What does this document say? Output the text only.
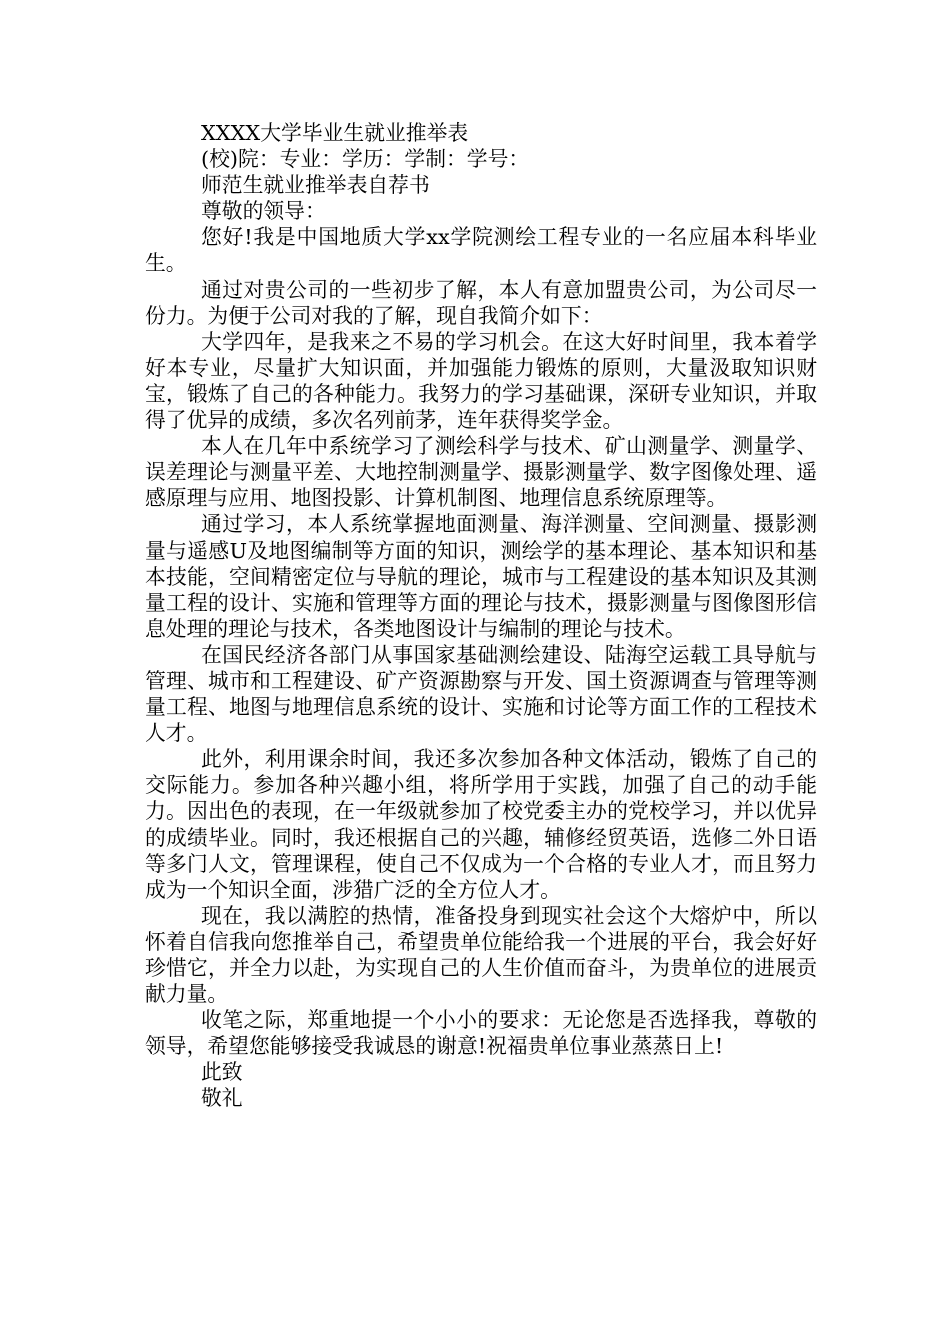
XXXX大学毕业生就业推举表

(校)院：专业：学历：学制：学号：

师范生就业推举表自荐书

尊敬的领导：

您好!我是中国地质大学xx学院测绘工程专业的一名应届本科毕业生。

通过对贵公司的一些初步了解，本人有意加盟贵公司，为公司尽一份力。为便于公司对我的了解，现自我简介如下：

大学四年，是我来之不易的学习机会。在这大好时间里，我本着学好本专业，尽量扩大知识面，并加强能力锻炼的原则，大量汲取知识财宝，锻炼了自己的各种能力。我努力的学习基础课，深研专业知识，并取得了优异的成绩，多次名列前茅，连年获得奖学金。

本人在几年中系统学习了测绘科学与技术、矿山测量学、测量学、误差理论与测量平差、大地控制测量学、摄影测量学、数字图像处理、遥感原理与应用、地图投影、计算机制图、地理信息系统原理等。

通过学习，本人系统掌握地面测量、海洋测量、空间测量、摄影测量与遥感U及地图编制等方面的知识，测绘学的基本理论、基本知识和基本技能，空间精密定位与导航的理论，城市与工程建设的基本知识及其测量工程的设计、实施和管理等方面的理论与技术，摄影测量与图像图形信息处理的理论与技术，各类地图设计与编制的理论与技术。

在国民经济各部门从事国家基础测绘建设、陆海空运载工具导航与管理、城市和工程建设、矿产资源勘察与开发、国土资源调查与管理等测量工程、地图与地理信息系统的设计、实施和讨论等方面工作的工程技术人才。

此外，利用课余时间，我还多次参加各种文体活动，锻炼了自己的交际能力。参加各种兴趣小组，将所学用于实践，加强了自己的动手能力。因出色的表现，在一年级就参加了校党委主办的党校学习，并以优异的成绩毕业。同时，我还根据自己的兴趣，辅修经贸英语，选修二外日语等多门人文，管理课程，使自己不仅成为一个合格的专业人才，而且努力成为一个知识全面，涉猎广泛的全方位人才。

现在，我以满腔的热情，准备投身到现实社会这个大熔炉中，所以怀着自信我向您推举自己，希望贵单位能给我一个进展的平台，我会好好珍惜它，并全力以赴，为实现自己的人生价值而奋斗，为贵单位的进展贡献力量。

收笔之际，郑重地提一个小小的要求：无论您是否选择我，尊敬的领导，希望您能够接受我诚恳的谢意!祝福贵单位事业蒸蒸日上!

此致

敬礼
